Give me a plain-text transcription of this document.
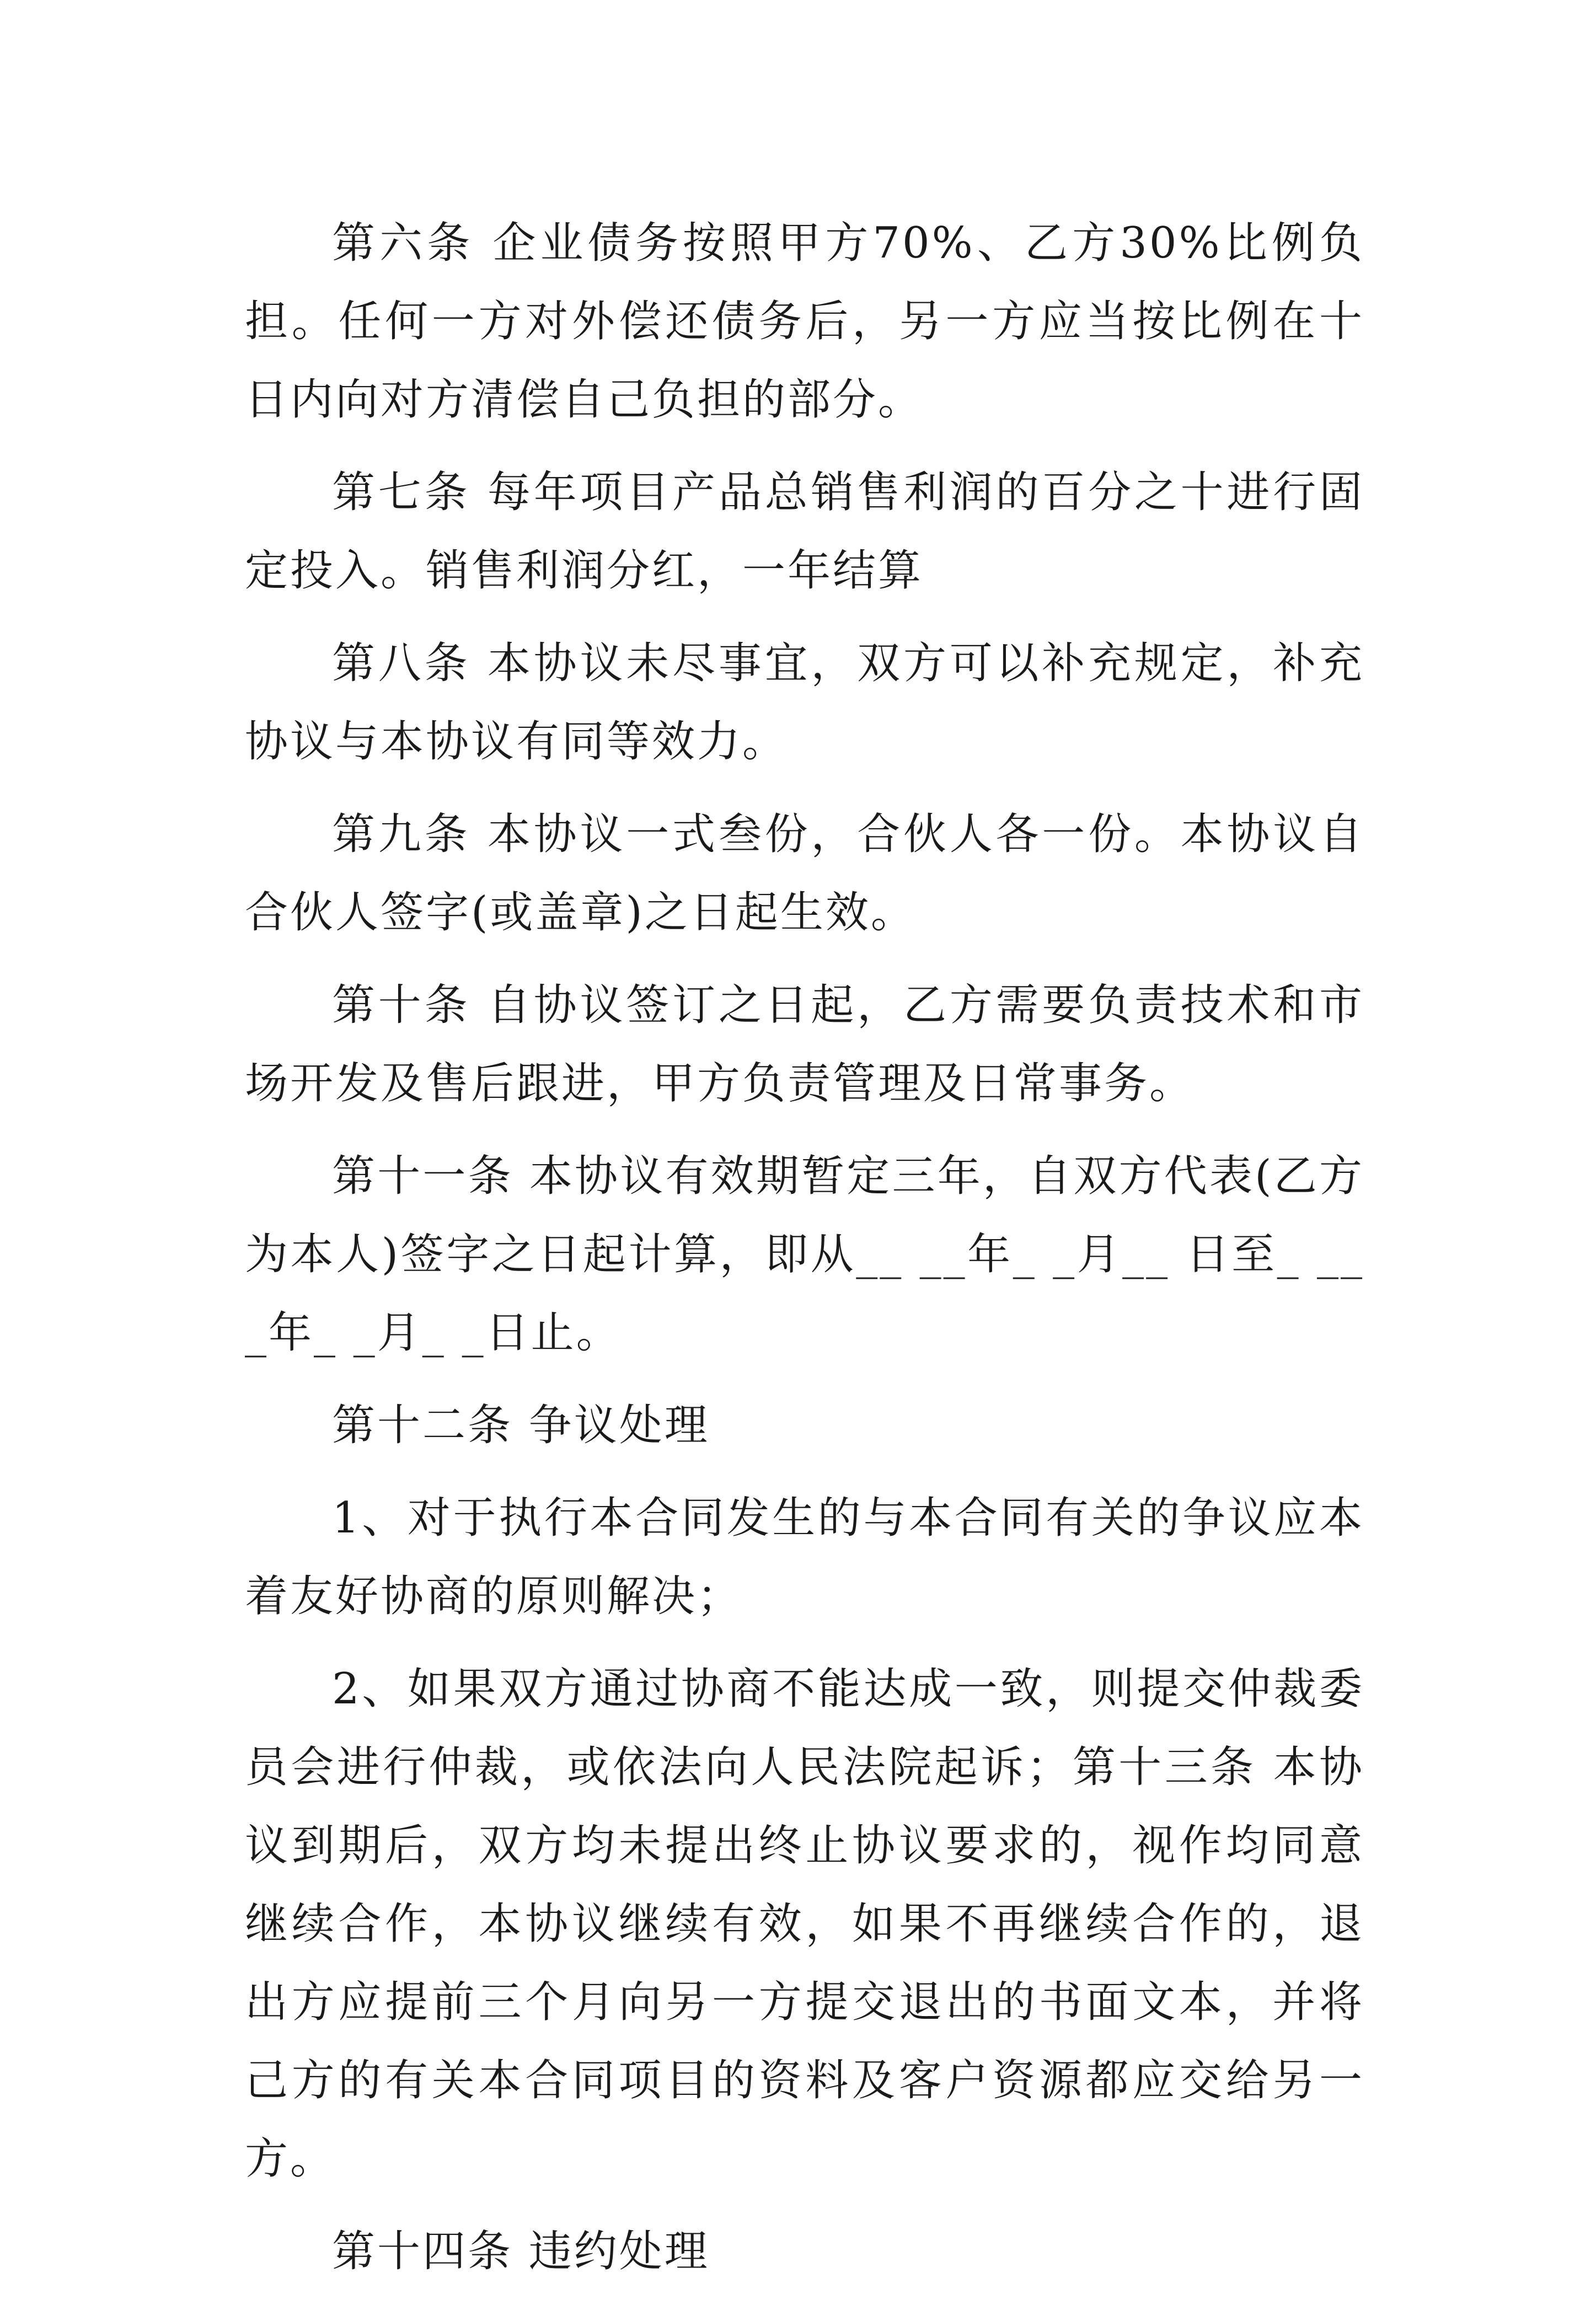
第六条 企业债务按照甲方70%、乙方30%比例负担。任何一方对外偿还债务后，另一方应当按比例在十日内向对方清偿自己负担的部分。

第七条 每年项目产品总销售利润的百分之十进行固定投入。销售利润分红，一年结算

第八条 本协议未尽事宜，双方可以补充规定，补充协议与本协议有同等效力。

第九条 本协议一式叁份，合伙人各一份。本协议自合伙人签字(或盖章)之日起生效。

第十条 自协议签订之日起，乙方需要负责技术和市场开发及售后跟进，甲方负责管理及日常事务。

第十一条 本协议有效期暂定三年，自双方代表(乙方为本人)签字之日起计算，即从__ __年_ _月__ 日至_ ___年_ _月_ _日止。

第十二条 争议处理

1、对于执行本合同发生的与本合同有关的争议应本着友好协商的原则解决；

2、如果双方通过协商不能达成一致，则提交仲裁委员会进行仲裁，或依法向人民法院起诉；第十三条 本协议到期后，双方均未提出终止协议要求的，视作均同意继续合作，本协议继续有效，如果不再继续合作的，退出方应提前三个月向另一方提交退出的书面文本，并将己方的有关本合同项目的资料及客户资源都应交给另一方。

第十四条 违约处理
